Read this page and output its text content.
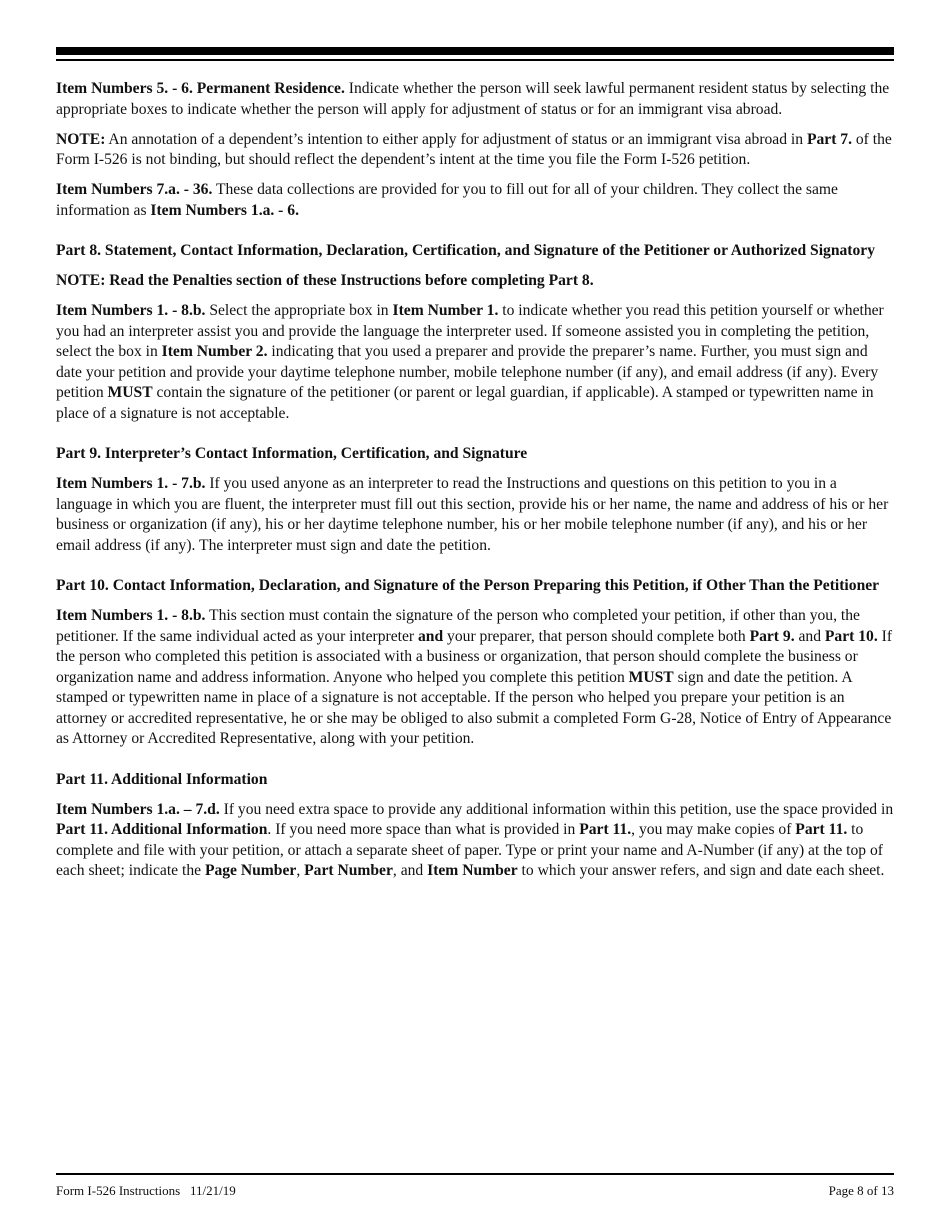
Item Numbers 5. - 6. Permanent Residence. Indicate whether the person will seek lawful permanent resident status by selecting the appropriate boxes to indicate whether the person will apply for adjustment of status or for an immigrant visa abroad.

NOTE: An annotation of a dependent’s intention to either apply for adjustment of status or an immigrant visa abroad in Part 7. of the Form I-526 is not binding, but should reflect the dependent’s intent at the time you file the Form I-526 petition.

Item Numbers 7.a. - 36. These data collections are provided for you to fill out for all of your children. They collect the same information as Item Numbers 1.a. - 6.

Part 8. Statement, Contact Information, Declaration, Certification, and Signature of the Petitioner or Authorized Signatory

NOTE: Read the Penalties section of these Instructions before completing Part 8.

Item Numbers 1. - 8.b. Select the appropriate box in Item Number 1. to indicate whether you read this petition yourself or whether you had an interpreter assist you and provide the language the interpreter used. If someone assisted you in completing the petition, select the box in Item Number 2. indicating that you used a preparer and provide the preparer’s name. Further, you must sign and date your petition and provide your daytime telephone number, mobile telephone number (if any), and email address (if any). Every petition MUST contain the signature of the petitioner (or parent or legal guardian, if applicable). A stamped or typewritten name in place of a signature is not acceptable.

Part 9. Interpreter’s Contact Information, Certification, and Signature

Item Numbers 1. - 7.b. If you used anyone as an interpreter to read the Instructions and questions on this petition to you in a language in which you are fluent, the interpreter must fill out this section, provide his or her name, the name and address of his or her business or organization (if any), his or her daytime telephone number, his or her mobile telephone number (if any), and his or her email address (if any). The interpreter must sign and date the petition.

Part 10. Contact Information, Declaration, and Signature of the Person Preparing this Petition, if Other Than the Petitioner

Item Numbers 1. - 8.b. This section must contain the signature of the person who completed your petition, if other than you, the petitioner. If the same individual acted as your interpreter and your preparer, that person should complete both Part 9. and Part 10. If the person who completed this petition is associated with a business or organization, that person should complete the business or organization name and address information. Anyone who helped you complete this petition MUST sign and date the petition. A stamped or typewritten name in place of a signature is not acceptable. If the person who helped you prepare your petition is an attorney or accredited representative, he or she may be obliged to also submit a completed Form G-28, Notice of Entry of Appearance as Attorney or Accredited Representative, along with your petition.

Part 11. Additional Information

Item Numbers 1.a. – 7.d. If you need extra space to provide any additional information within this petition, use the space provided in Part 11. Additional Information. If you need more space than what is provided in Part 11., you may make copies of Part 11. to complete and file with your petition, or attach a separate sheet of paper. Type or print your name and A-Number (if any) at the top of each sheet; indicate the Page Number, Part Number, and Item Number to which your answer refers, and sign and date each sheet.

Form I-526 Instructions 11/21/19	Page 8 of 13
